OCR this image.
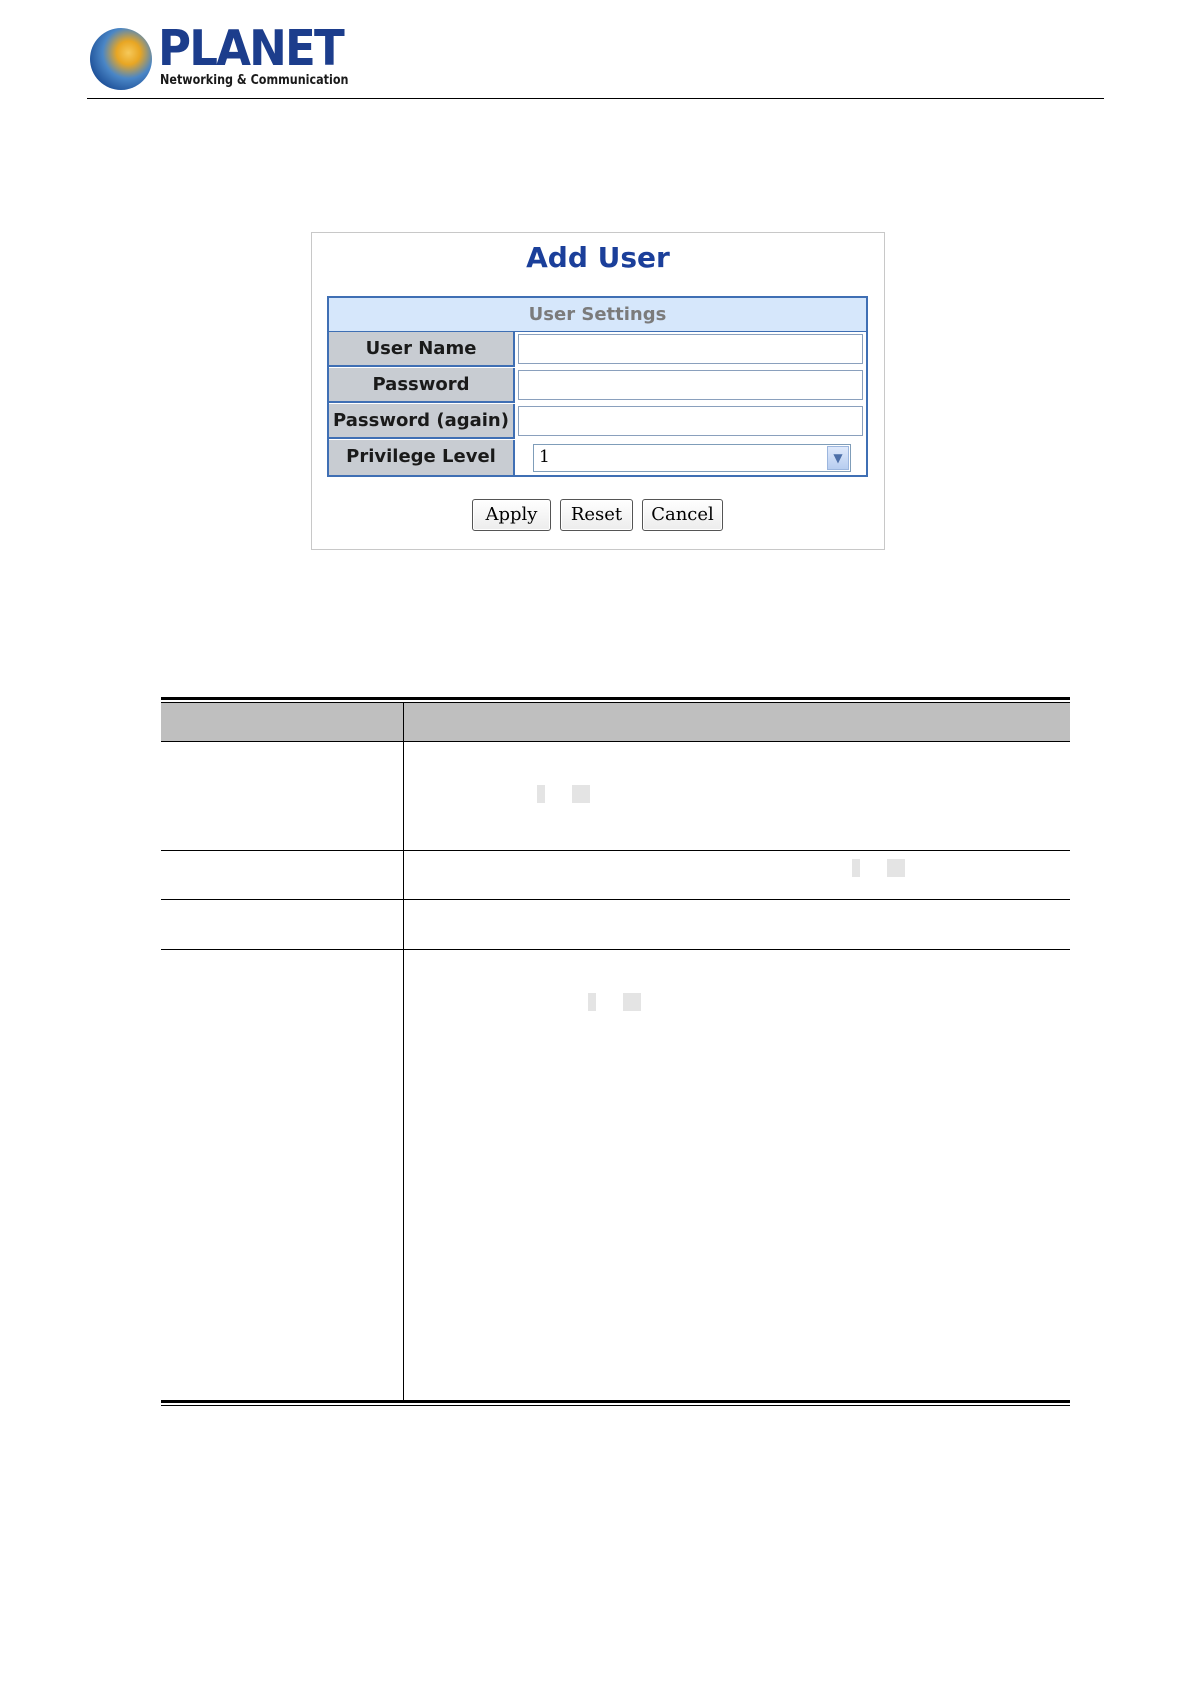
PLANET
Networking & Communication
Add User
User Settings
User Name
Password
Password (again)
Privilege Level	1	▼
Apply	Reset	Cancel
